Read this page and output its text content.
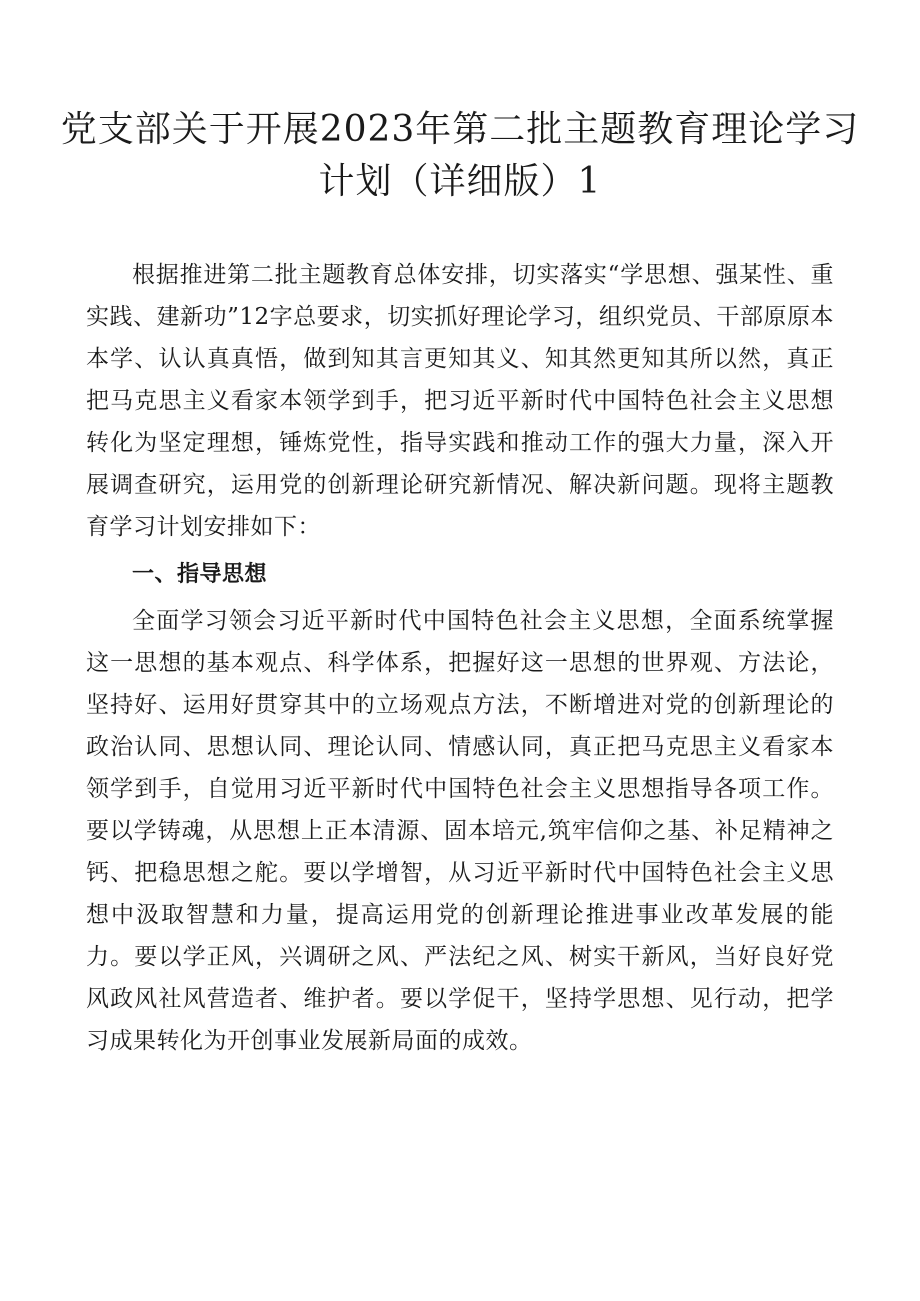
党支部关于开展2023年第二批主题教育理论学习
计划（详细版）1

根据推进第二批主题教育总体安排，切实落实“学思想、强某性、重实践、建新功”12字总要求，切实抓好理论学习，组织党员、干部原原本本学、认认真真悟，做到知其言更知其义、知其然更知其所以然，真正把马克思主义看家本领学到手，把习近平新时代中国特色社会主义思想转化为坚定理想，锤炼党性，指导实践和推动工作的强大力量，深入开展调查研究，运用党的创新理论研究新情况、解决新问题。现将主题教育学习计划安排如下：

一、指导思想

全面学习领会习近平新时代中国特色社会主义思想，全面系统掌握这一思想的基本观点、科学体系，把握好这一思想的世界观、方法论，坚持好、运用好贯穿其中的立场观点方法，不断增进对党的创新理论的政治认同、思想认同、理论认同、情感认同，真正把马克思主义看家本领学到手，自觉用习近平新时代中国特色社会主义思想指导各项工作。要以学铸魂，从思想上正本清源、固本培元,筑牢信仰之基、补足精神之钙、把稳思想之舵。要以学增智，从习近平新时代中国特色社会主义思想中汲取智慧和力量，提高运用党的创新理论推进事业改革发展的能力。要以学正风，兴调研之风、严法纪之风、树实干新风，当好良好党风政风社风营造者、维护者。要以学促干，坚持学思想、见行动，把学习成果转化为开创事业发展新局面的成效。
